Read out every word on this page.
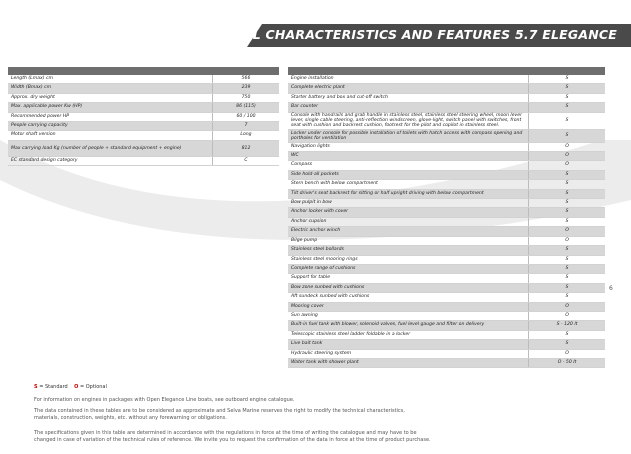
TECHNICAL CHARACTERISTICS AND FEATURES 5.7 ELEGANCE
Length (Lmax) cm	566
Width (Bmax) cm	239
Approx. dry weight	750
Max. applicable power Kw (HP)	86 (115)
Recommended power HP	60 / 100
People carrying capacity	7
Motor shaft version	Long
Max carrying load Kg (number of people + standard equipment + engine)	812
EC standard design category	C
Engine installation	S
Complete electric plant	S
Starter battery and box and cut-off switch	S
Bar counter	S
Console with handrails and grab handle in stainless steel, stainless steel steering wheel, moon lever lever, single cable steering, anti-reflection windscreen, glove-light, switch panel with switches, front seat with cushion and backrest cushion, footrest for the pilot and copilot in stainless steel.	S
Locker under console for possible installation of toilets with hatch access with compass opening and portholes for ventilation	S
Navigation lights	O
WC	O
Compass	O
Side hold-all pockets	S
Stern bench with below compartment	S
Tilt driver's seat backrest for sitting or half upright driving with below compartment	S
Bow pulpit in bow	S
Anchor locker with cover	S
Anchor cupsion	S
Electric anchor winch	O
Bilge pump	O
Stainless steel bollards	S
Stainless steel mooring rings	S
Complete range of cushions	S
Support for table	S
Bow zone sunbed with cushions	S
Aft sundeck sunbed with cushions	S
Mooring cover	O
Sun awning	O
Built-in fuel tank with blower, solenoid valves, fuel level gauge and filter on delivery	S - 120 lt
Telescopic stainless steel ladder foldable in a locker	S
Live bait tank	S
Hydraulic steering system	O
Water tank with shower plant	O - 50 lt
6
S = Standard O = Optional
For information on engines in packages with Open Elegance Line boats, see outboard engine catalogue.
The data contained in these tables are to be considered as approximate and Selva Marine reserves the right to modify the technical characteristics,
materials, construction, weights, etc. without any forewarning or obligations.
The specifications given in this table are determined in accordance with the regulations in force at the time of writing the catalogue and may have to be
changed in case of variation of the technical rules of reference. We invite you to request the confirmation of the data in force at the time of product purchase.
